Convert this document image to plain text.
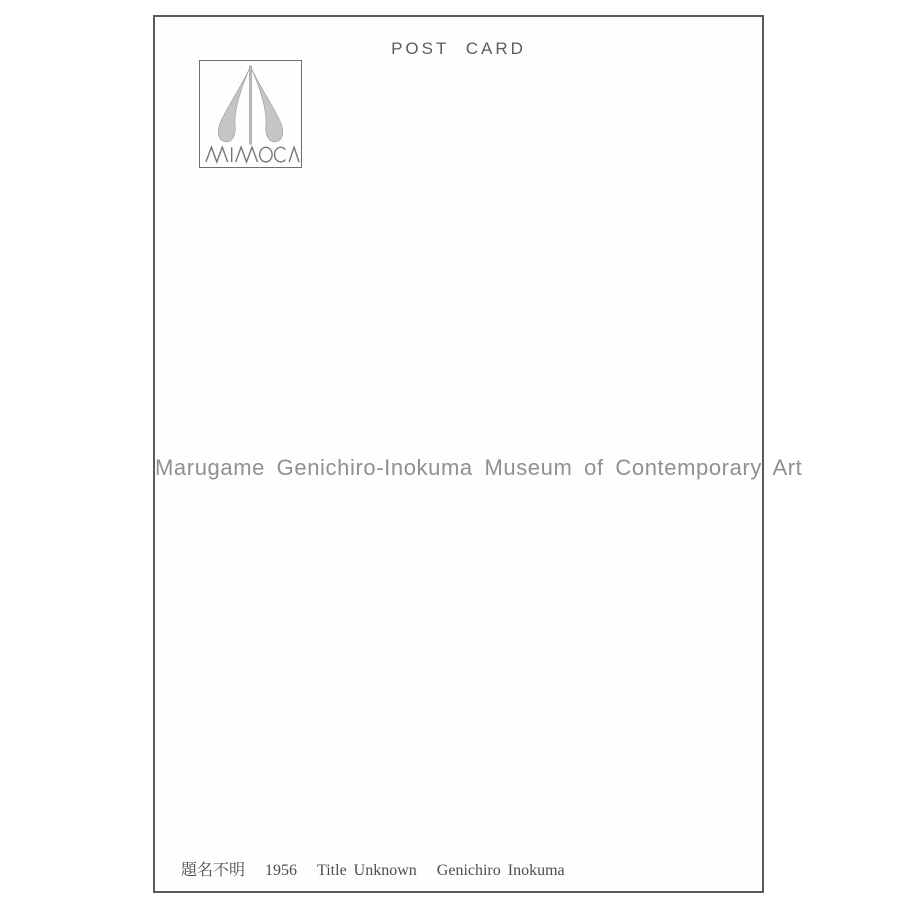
POST CARD
Marugame Genichiro-Inokuma Museum of Contemporary Art
題名不明 1956 Title Unknown Genichiro Inokuma
